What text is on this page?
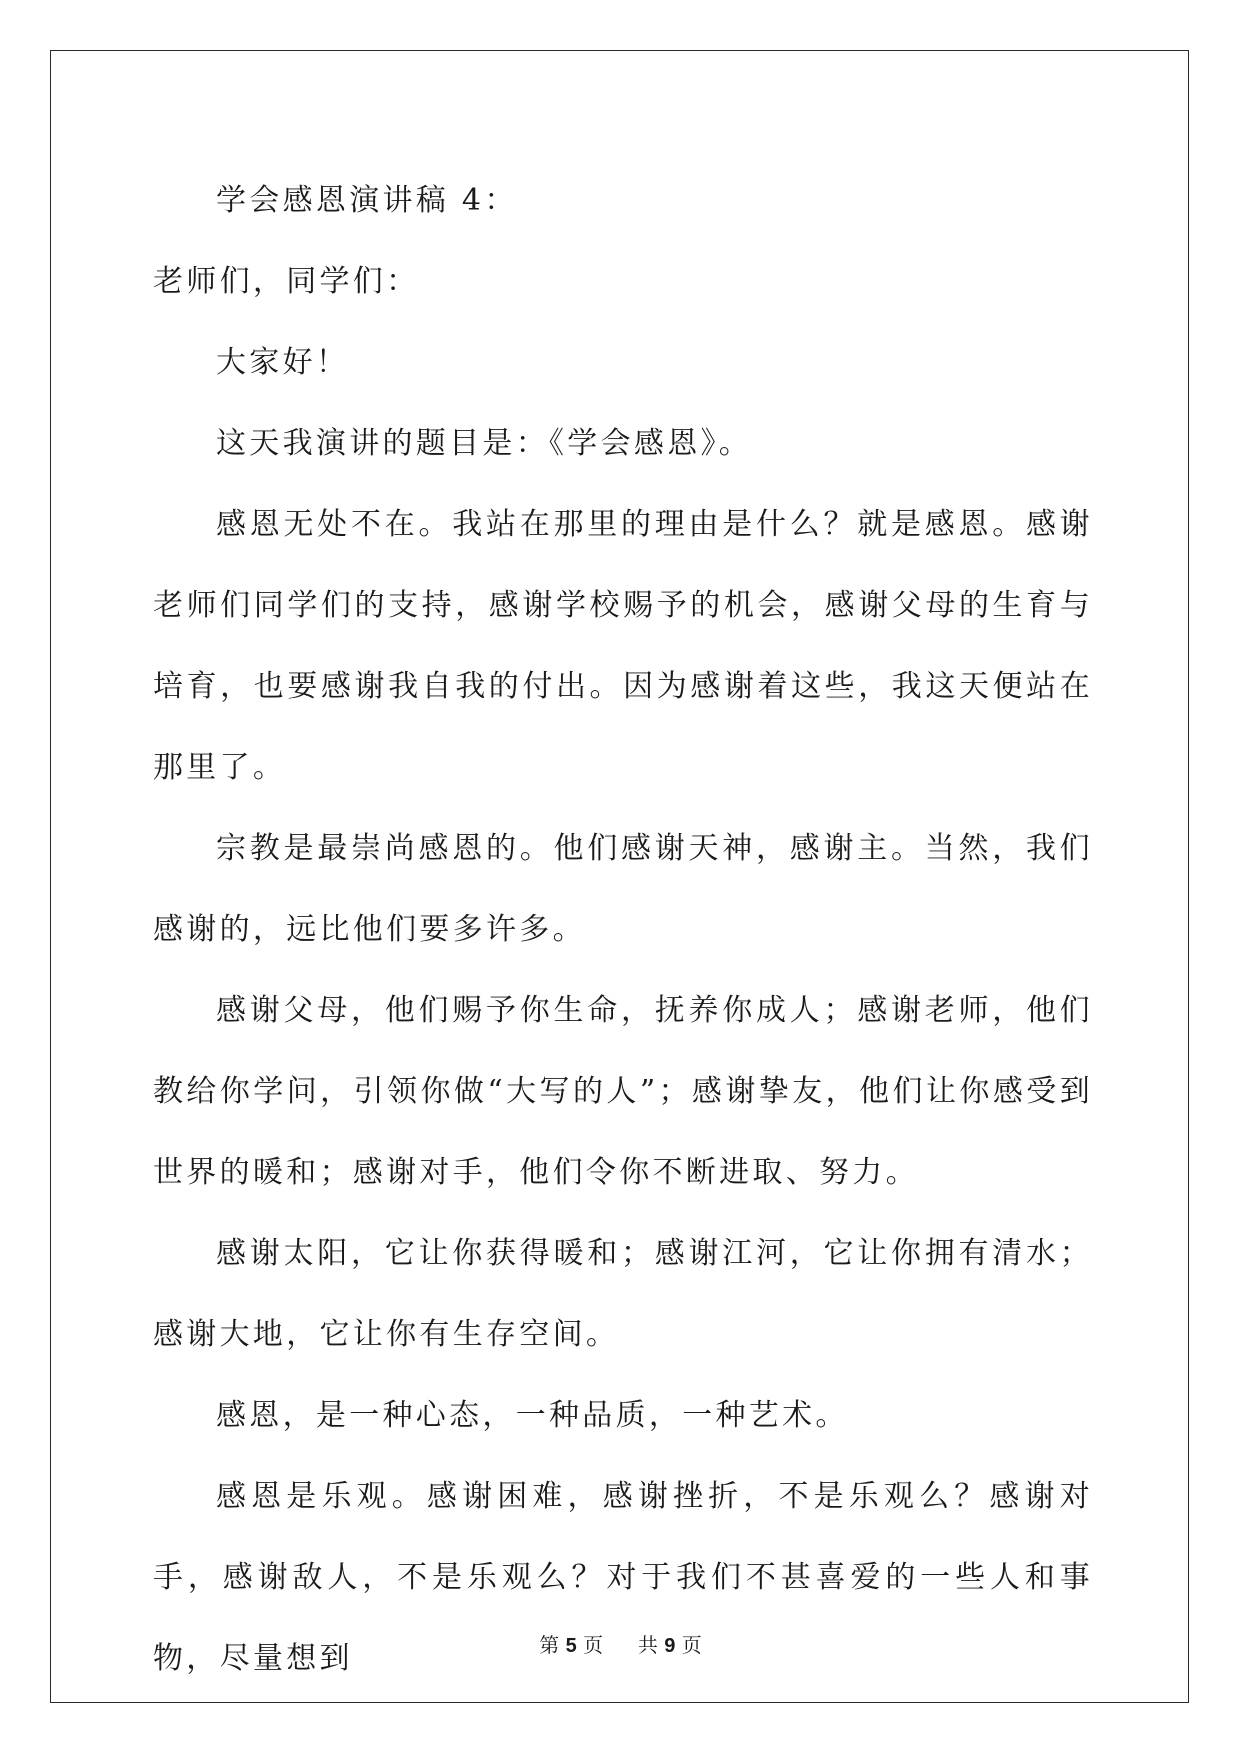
学会感恩演讲稿 4：

老师们，同学们：

大家好！

这天我演讲的题目是：《学会感恩》。

感恩无处不在。我站在那里的理由是什么？就是感恩。感谢老师们同学们的支持，感谢学校赐予的机会，感谢父母的生育与培育，也要感谢我自我的付出。因为感谢着这些，我这天便站在那里了。

宗教是最崇尚感恩的。他们感谢天神，感谢主。当然，我们感谢的，远比他们要多许多。

感谢父母，他们赐予你生命，抚养你成人；感谢老师，他们教给你学问，引领你做“大写的人”；感谢挚友，他们让你感受到世界的暖和；感谢对手，他们令你不断进取、努力。

感谢太阳，它让你获得暖和；感谢江河，它让你拥有清水；感谢大地，它让你有生存空间。

感恩，是一种心态，一种品质，一种艺术。

感恩是乐观。感谢困难，感谢挫折，不是乐观么？感谢对手，感谢敌人，不是乐观么？对于我们不甚喜爱的一些人和事物，尽量想到	第 5 页 共 9 页
